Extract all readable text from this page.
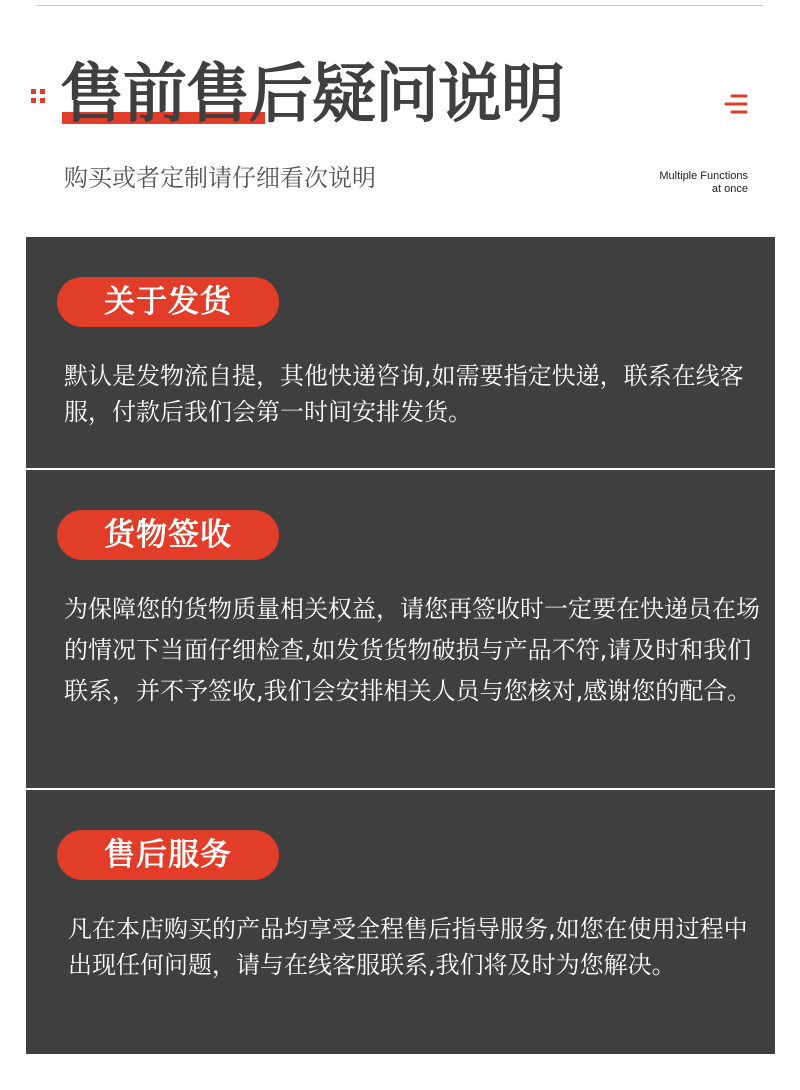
售前售后疑问说明
购买或者定制请仔细看次说明	Multiple Functions
at once
关于发货

默认是发物流自提，其他快递咨询,如需要指定快递，联系在线客服，付款后我们会第一时间安排发货。

货物签收

为保障您的货物质量相关权益，请您再签收时一定要在快递员在场的情况下当面仔细检查,如发货货物破损与产品不符,请及时和我们联系，并不予签收,我们会安排相关人员与您核对,感谢您的配合。

售后服务

凡在本店购买的产品均享受全程售后指导服务,如您在使用过程中出现任何问题，请与在线客服联系,我们将及时为您解决。
